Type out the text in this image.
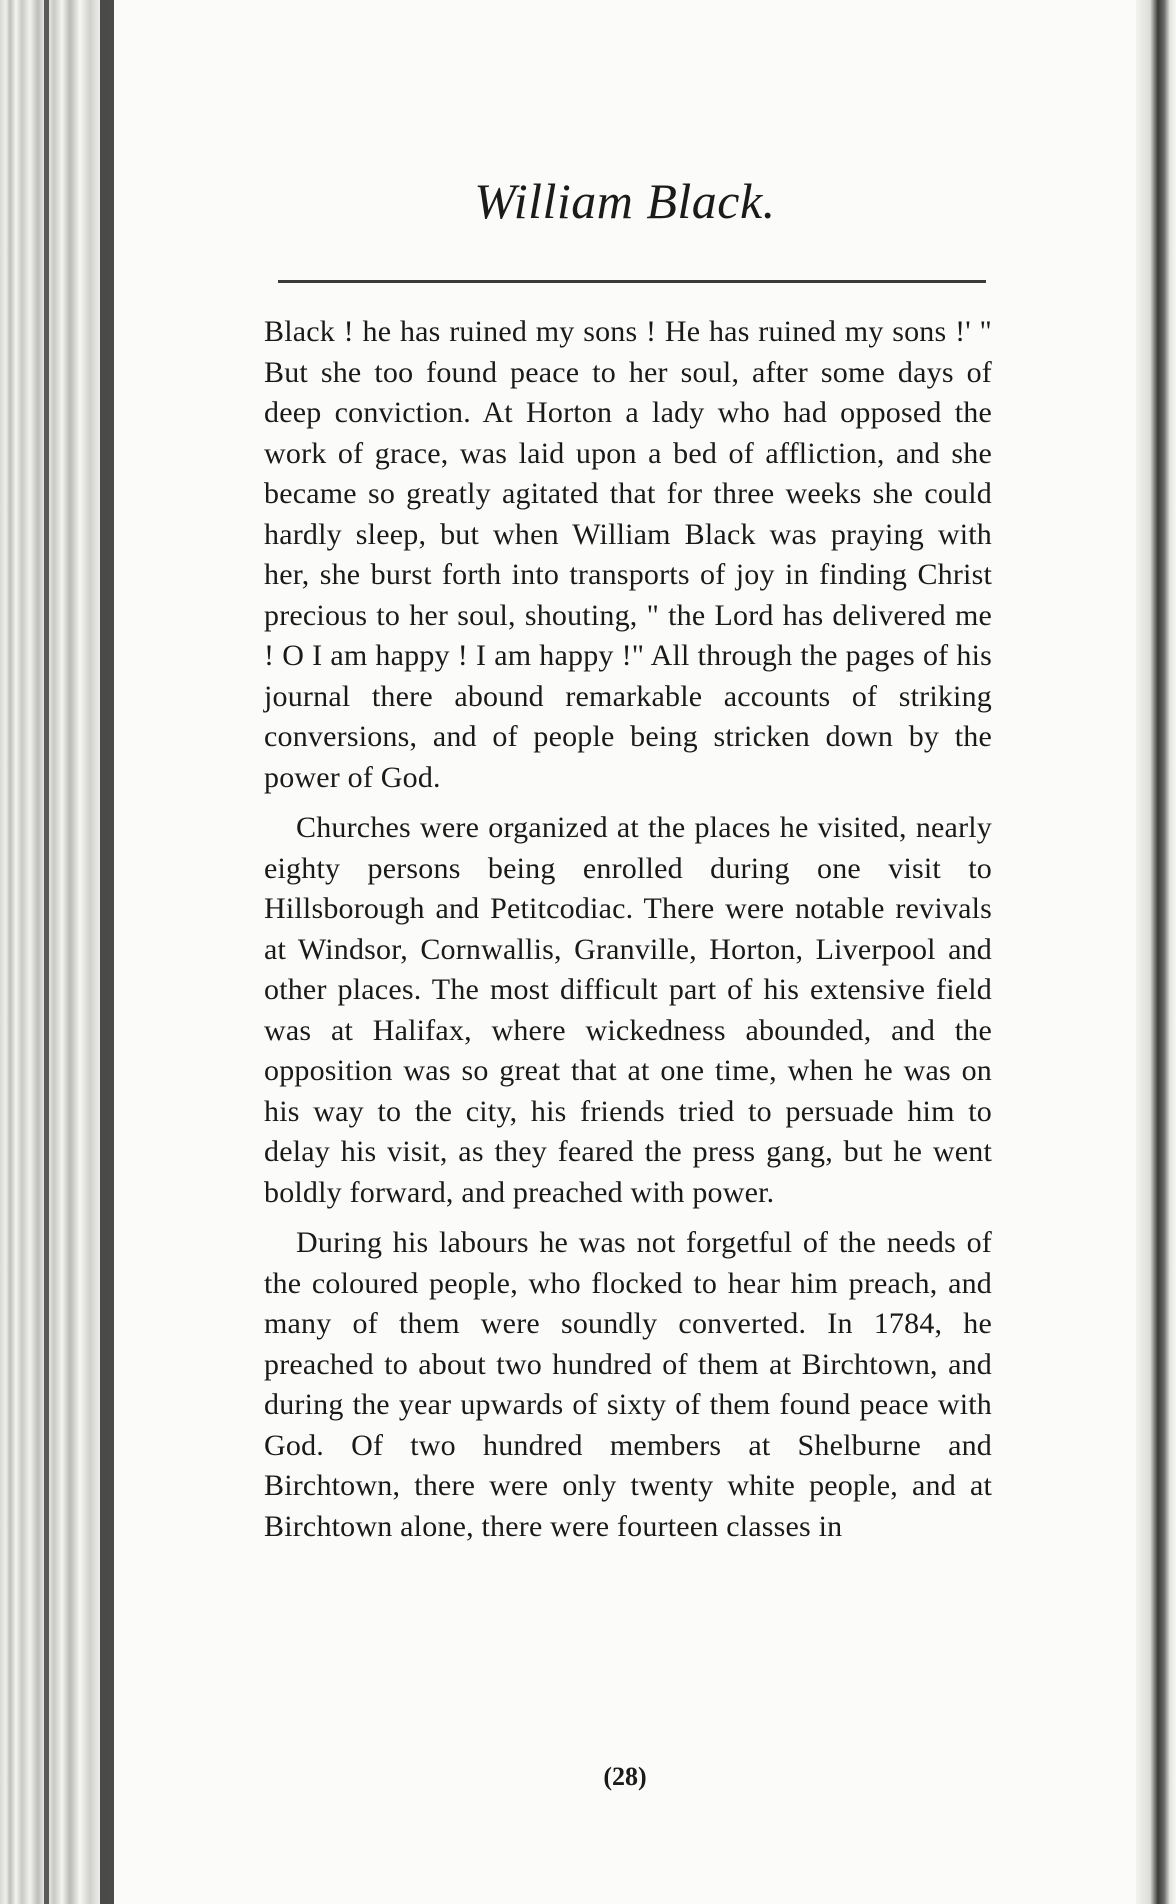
William Black.

Black ! he has ruined my sons ! He has ruined my sons !' " But she too found peace to her soul, after some days of deep conviction. At Horton a lady who had opposed the work of grace, was laid upon a bed of affliction, and she became so greatly agitated that for three weeks she could hardly sleep, but when William Black was praying with her, she burst forth into transports of joy in finding Christ precious to her soul, shouting, " the Lord has delivered me ! O I am happy ! I am happy !" All through the pages of his journal there abound remarkable accounts of striking conversions, and of people being stricken down by the power of God.

Churches were organized at the places he visited, nearly eighty persons being enrolled during one visit to Hillsborough and Petitcodiac. There were notable revivals at Windsor, Cornwallis, Granville, Horton, Liverpool and other places. The most difficult part of his extensive field was at Halifax, where wickedness abounded, and the opposition was so great that at one time, when he was on his way to the city, his friends tried to persuade him to delay his visit, as they feared the press gang, but he went boldly forward, and preached with power.

During his labours he was not forgetful of the needs of the coloured people, who flocked to hear him preach, and many of them were soundly converted. In 1784, he preached to about two hundred of them at Birchtown, and during the year upwards of sixty of them found peace with God. Of two hundred members at Shelburne and Birchtown, there were only twenty white people, and at Birchtown alone, there were fourteen classes in

(28)
